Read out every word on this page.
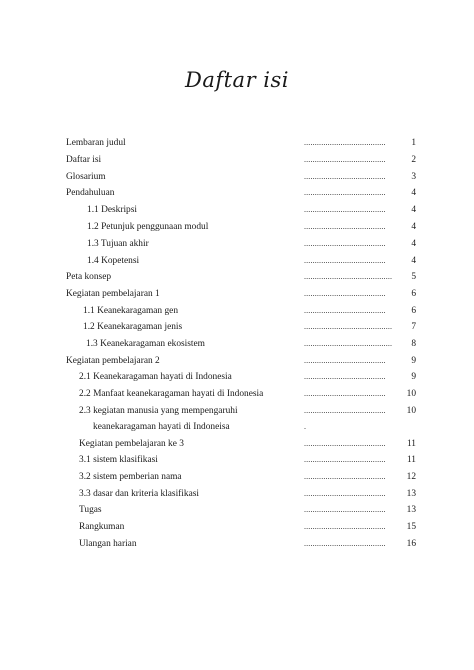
Daftar isi
Lembaran judul	......................................	1
Daftar isi	......................................	2
Glosarium	......................................	3
Pendahuluan	......................................	4
1.1 Deskripsi	......................................	4
1.2 Petunjuk penggunaan modul	......................................	4
1.3 Tujuan akhir	......................................	4
1.4 Kopetensi	......................................	4
Peta konsep	.........................................	5
Kegiatan pembelajaran 1	......................................	6
1.1 Keanekaragaman gen	......................................	6
1.2 Keanekaragaman jenis	.........................................	7
1.3 Keanekaragaman ekosistem	.........................................	8
Kegiatan pembelajaran 2	......................................	9
2.1 Keanekaragaman hayati di Indonesia	......................................	9
2.2 Manfaat keanekaragaman hayati di Indonesia	......................................	10
2.3 kegiatan manusia yang mempengaruhi	......................................	10
keanekaragaman hayati di Indoneisa	.
Kegiatan pembelajaran ke 3	......................................	11
3.1 sistem klasifikasi	......................................	11
3.2 sistem pemberian nama	......................................	12
3.3 dasar dan kriteria klasifikasi	......................................	13
Tugas	......................................	13
Rangkuman	......................................	15
Ulangan harian	......................................	16
